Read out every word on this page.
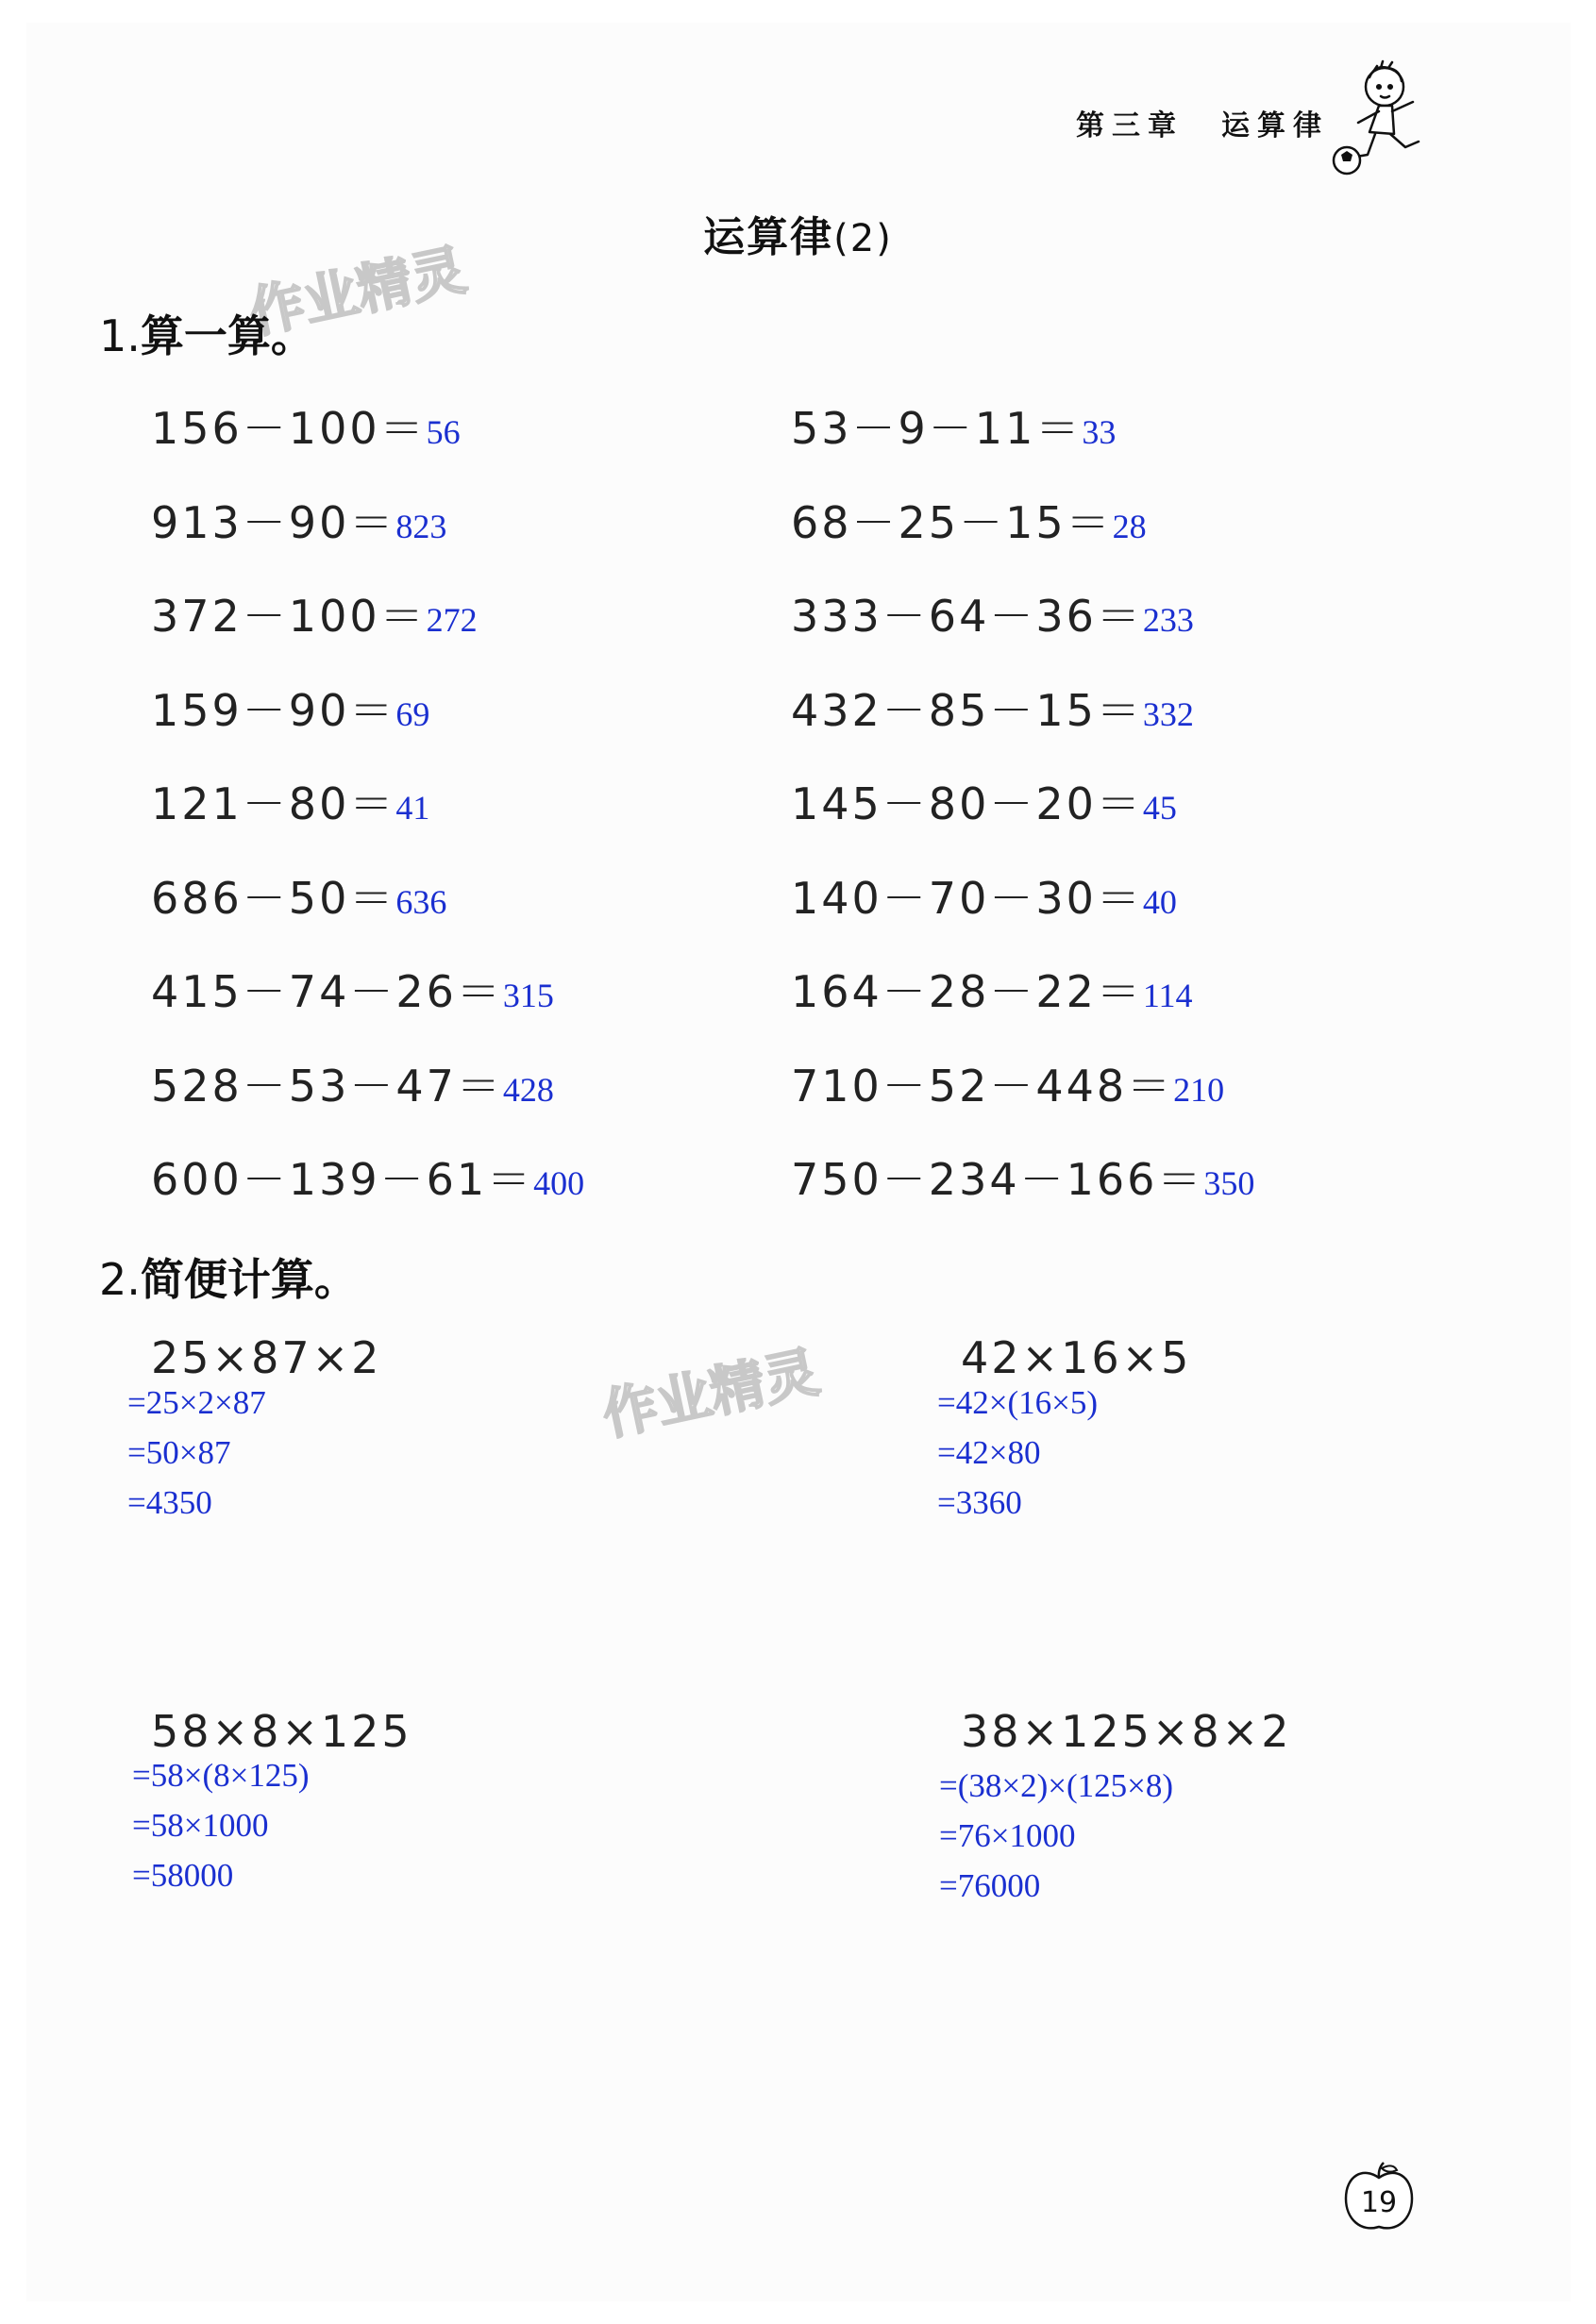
第三章 运算律
运算律(2)
作业精灵
作业精灵
1.算一算。
156－100＝56	53－9－11＝33
913－90＝823	68－25－15＝28
372－100＝272	333－64－36＝233
159－90＝69	432－85－15＝332
121－80＝41	145－80－20＝45
686－50＝636	140－70－30＝40
415－74－26＝315	164－28－22＝114
528－53－47＝428	710－52－448＝210
600－139－61＝400	750－234－166＝350
2.简便计算。
25×87×2
=25×2×87
=50×87
=4350
42×16×5
=42×(16×5)
=42×80
=3360
58×8×125
=58×(8×125)
=58×1000
=58000
38×125×8×2
=(38×2)×(125×8)
=76×1000
=76000
19
